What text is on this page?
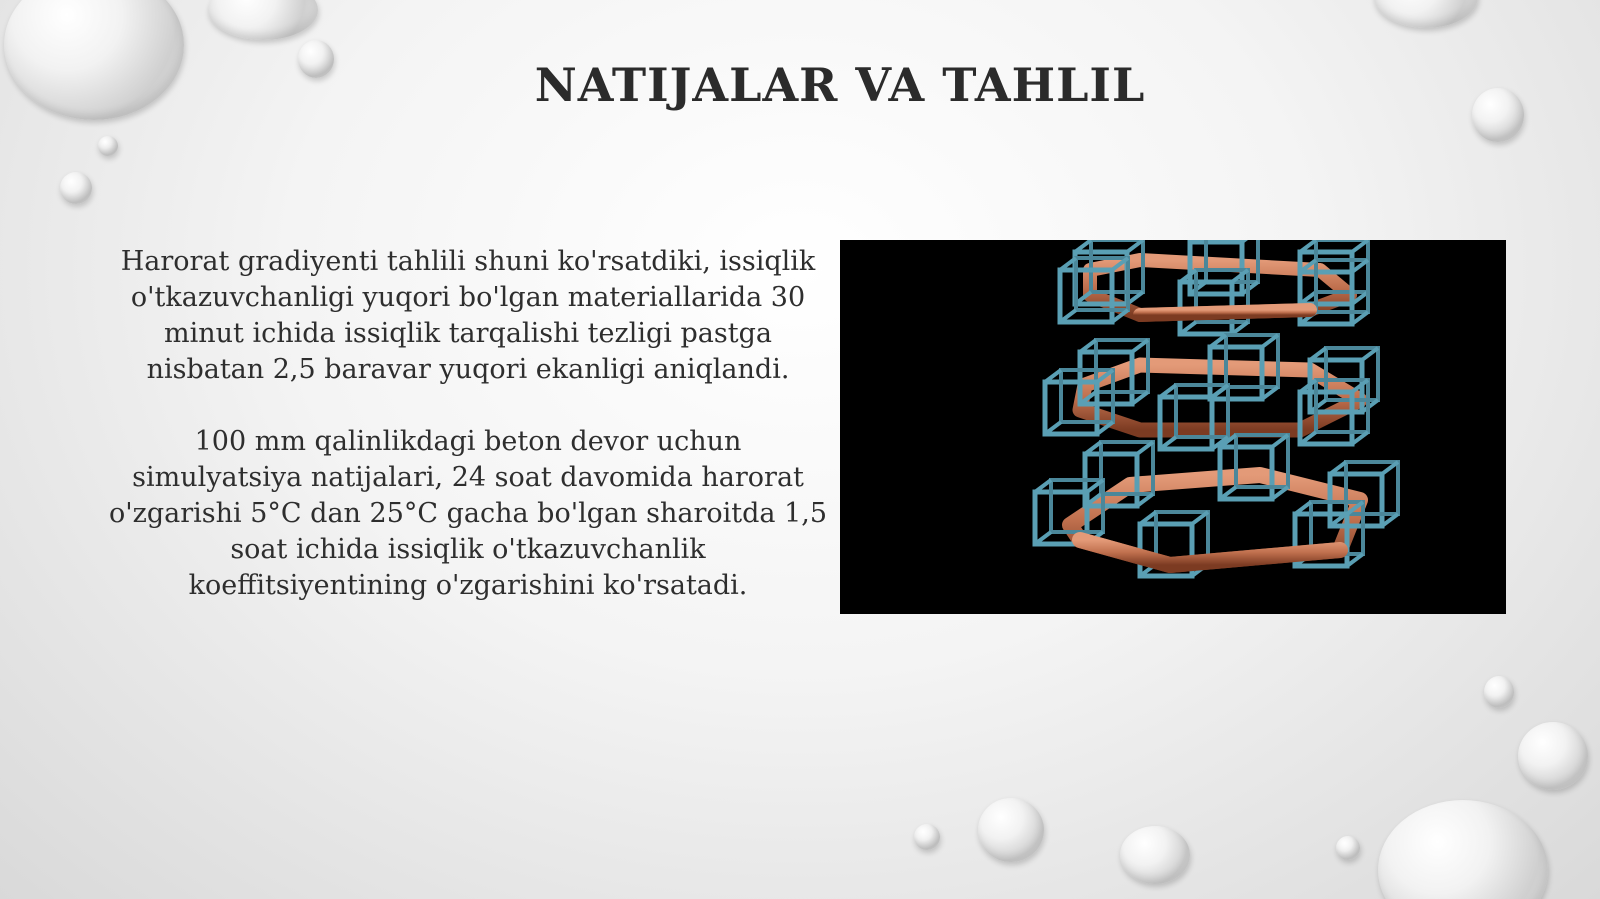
NATIJALAR VA TAHLIL

Harorat gradiyenti tahlili shuni ko'rsatdiki, issiqlik o'tkazuvchanligi yuqori bo'lgan materiallarida 30 minut ichida issiqlik tarqalishi tezligi pastga nisbatan 2,5 baravar yuqori ekanligi aniqlandi.

100 mm qalinlikdagi beton devor uchun simulyatsiya natijalari, 24 soat davomida harorat o'zgarishi 5°C dan 25°C gacha bo'lgan sharoitda 1,5 soat ichida issiqlik o'tkazuvchanlik koeffitsiyentining o'zgarishini ko'rsatadi.
